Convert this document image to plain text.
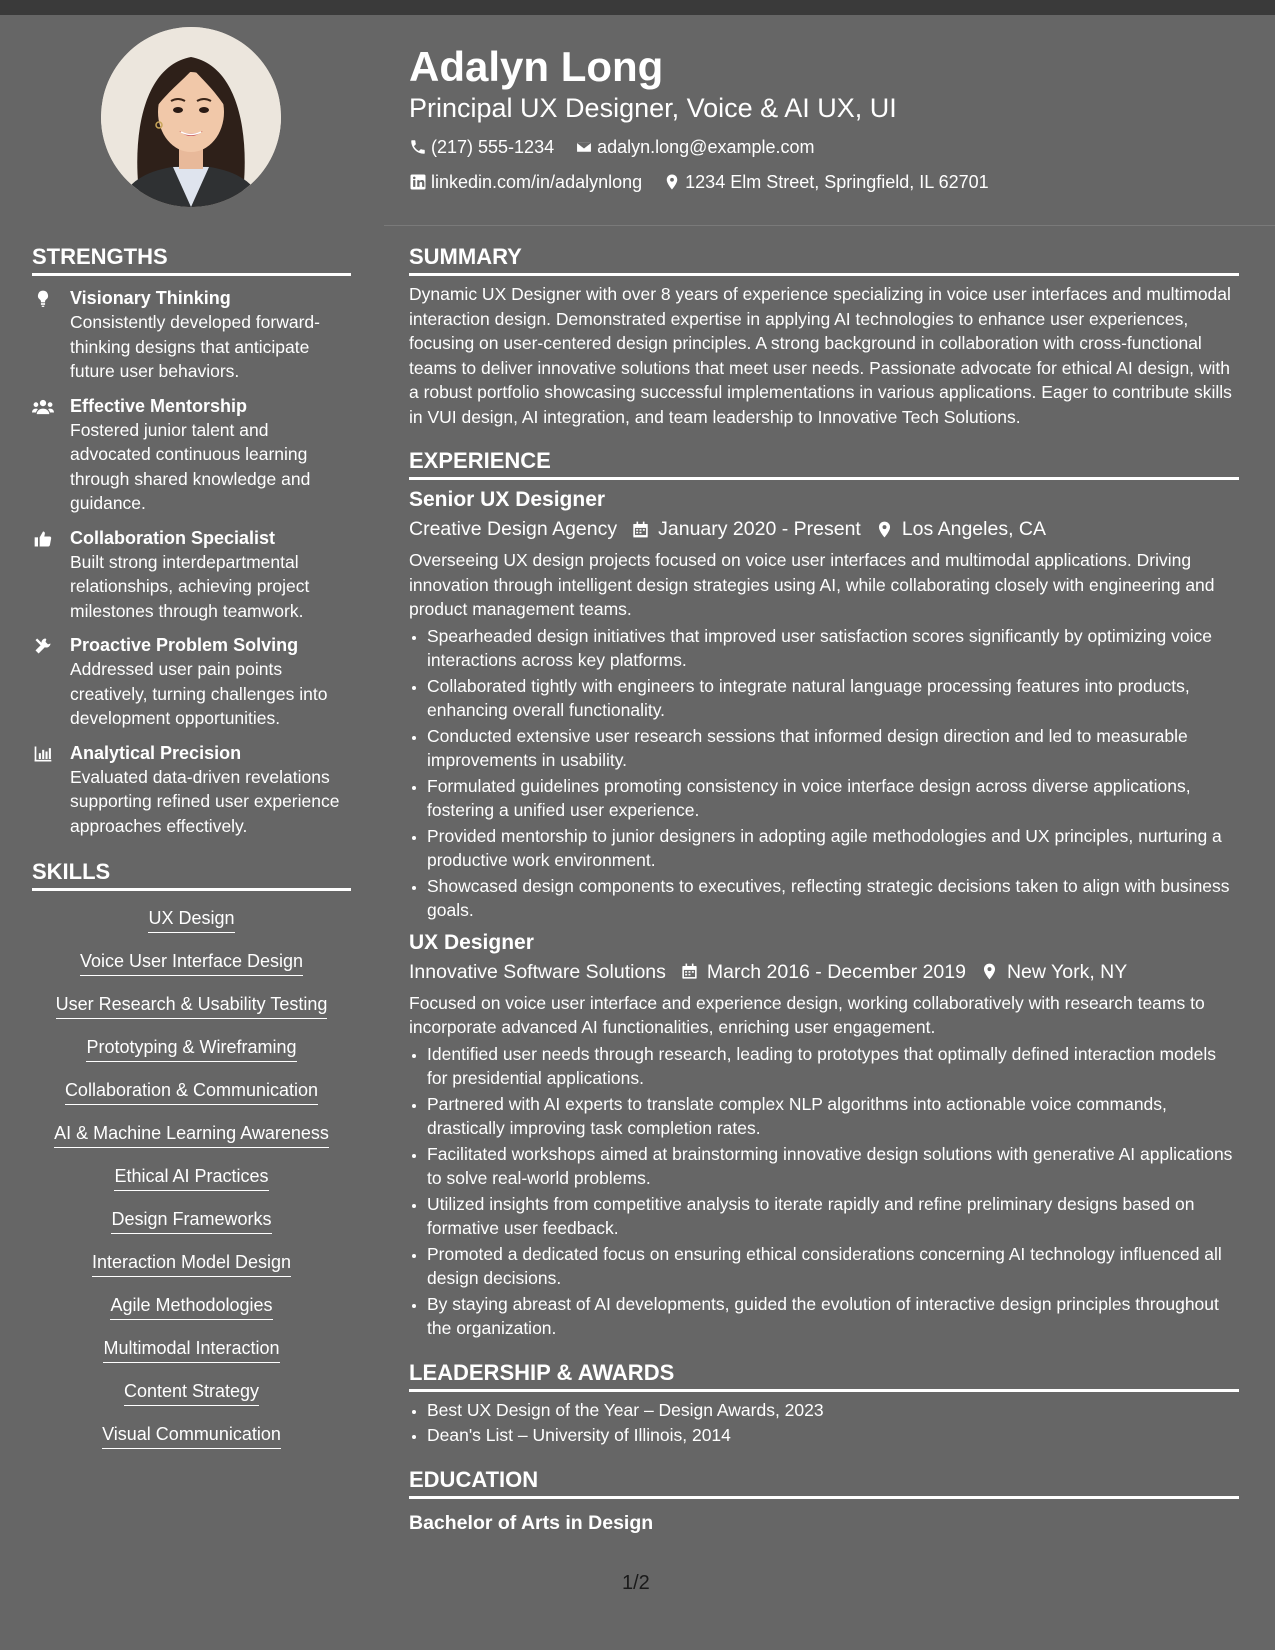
Adalyn Long
Principal UX Designer, Voice & AI UX, UI
(217) 555-1234
adalyn.long@example.com
linkedin.com/in/adalynlong
1234 Elm Street, Springfield, IL 62701
STRENGTHS
Visionary Thinking
Consistently developed forward-thinking designs that anticipate future user behaviors.
Effective Mentorship
Fostered junior talent and advocated continuous learning through shared knowledge and guidance.
Collaboration Specialist
Built strong interdepartmental relationships, achieving project milestones through teamwork.
Proactive Problem Solving
Addressed user pain points creatively, turning challenges into development opportunities.
Analytical Precision
Evaluated data-driven revelations supporting refined user experience approaches effectively.
SKILLS
UX Design
Voice User Interface Design
User Research & Usability Testing
Prototyping & Wireframing
Collaboration & Communication
AI & Machine Learning Awareness
Ethical AI Practices
Design Frameworks
Interaction Model Design
Agile Methodologies
Multimodal Interaction
Content Strategy
Visual Communication
SUMMARY

Dynamic UX Designer with over 8 years of experience specializing in voice user interfaces and multimodal interaction design. Demonstrated expertise in applying AI technologies to enhance user experiences, focusing on user-centered design principles. A strong background in collaboration with cross-functional teams to deliver innovative solutions that meet user needs. Passionate advocate for ethical AI design, with a robust portfolio showcasing successful implementations in various applications. Eager to contribute skills in VUI design, AI integration, and team leadership to Innovative Tech Solutions.

EXPERIENCE
Senior UX Designer
Creative Design Agency January 2020 - Present Los Angeles, CA
Overseeing UX design projects focused on voice user interfaces and multimodal applications. Driving innovation through intelligent design strategies using AI, while collaborating closely with engineering and product management teams.
• Spearheaded design initiatives that improved user satisfaction scores significantly by optimizing voice interactions across key platforms.
• Collaborated tightly with engineers to integrate natural language processing features into products, enhancing overall functionality.
• Conducted extensive user research sessions that informed design direction and led to measurable improvements in usability.
• Formulated guidelines promoting consistency in voice interface design across diverse applications, fostering a unified user experience.
• Provided mentorship to junior designers in adopting agile methodologies and UX principles, nurturing a productive work environment.
• Showcased design components to executives, reflecting strategic decisions taken to align with business goals.
UX Designer
Innovative Software Solutions March 2016 - December 2019 New York, NY
Focused on voice user interface and experience design, working collaboratively with research teams to incorporate advanced AI functionalities, enriching user engagement.
• Identified user needs through research, leading to prototypes that optimally defined interaction models for presidential applications.
• Partnered with AI experts to translate complex NLP algorithms into actionable voice commands, drastically improving task completion rates.
• Facilitated workshops aimed at brainstorming innovative design solutions with generative AI applications to solve real-world problems.
• Utilized insights from competitive analysis to iterate rapidly and refine preliminary designs based on formative user feedback.
• Promoted a dedicated focus on ensuring ethical considerations concerning AI technology influenced all design decisions.
• By staying abreast of AI developments, guided the evolution of interactive design principles throughout the organization.
LEADERSHIP & AWARDS
• Best UX Design of the Year – Design Awards, 2023
• Dean's List – University of Illinois, 2014
EDUCATION
Bachelor of Arts in Design
1/2
